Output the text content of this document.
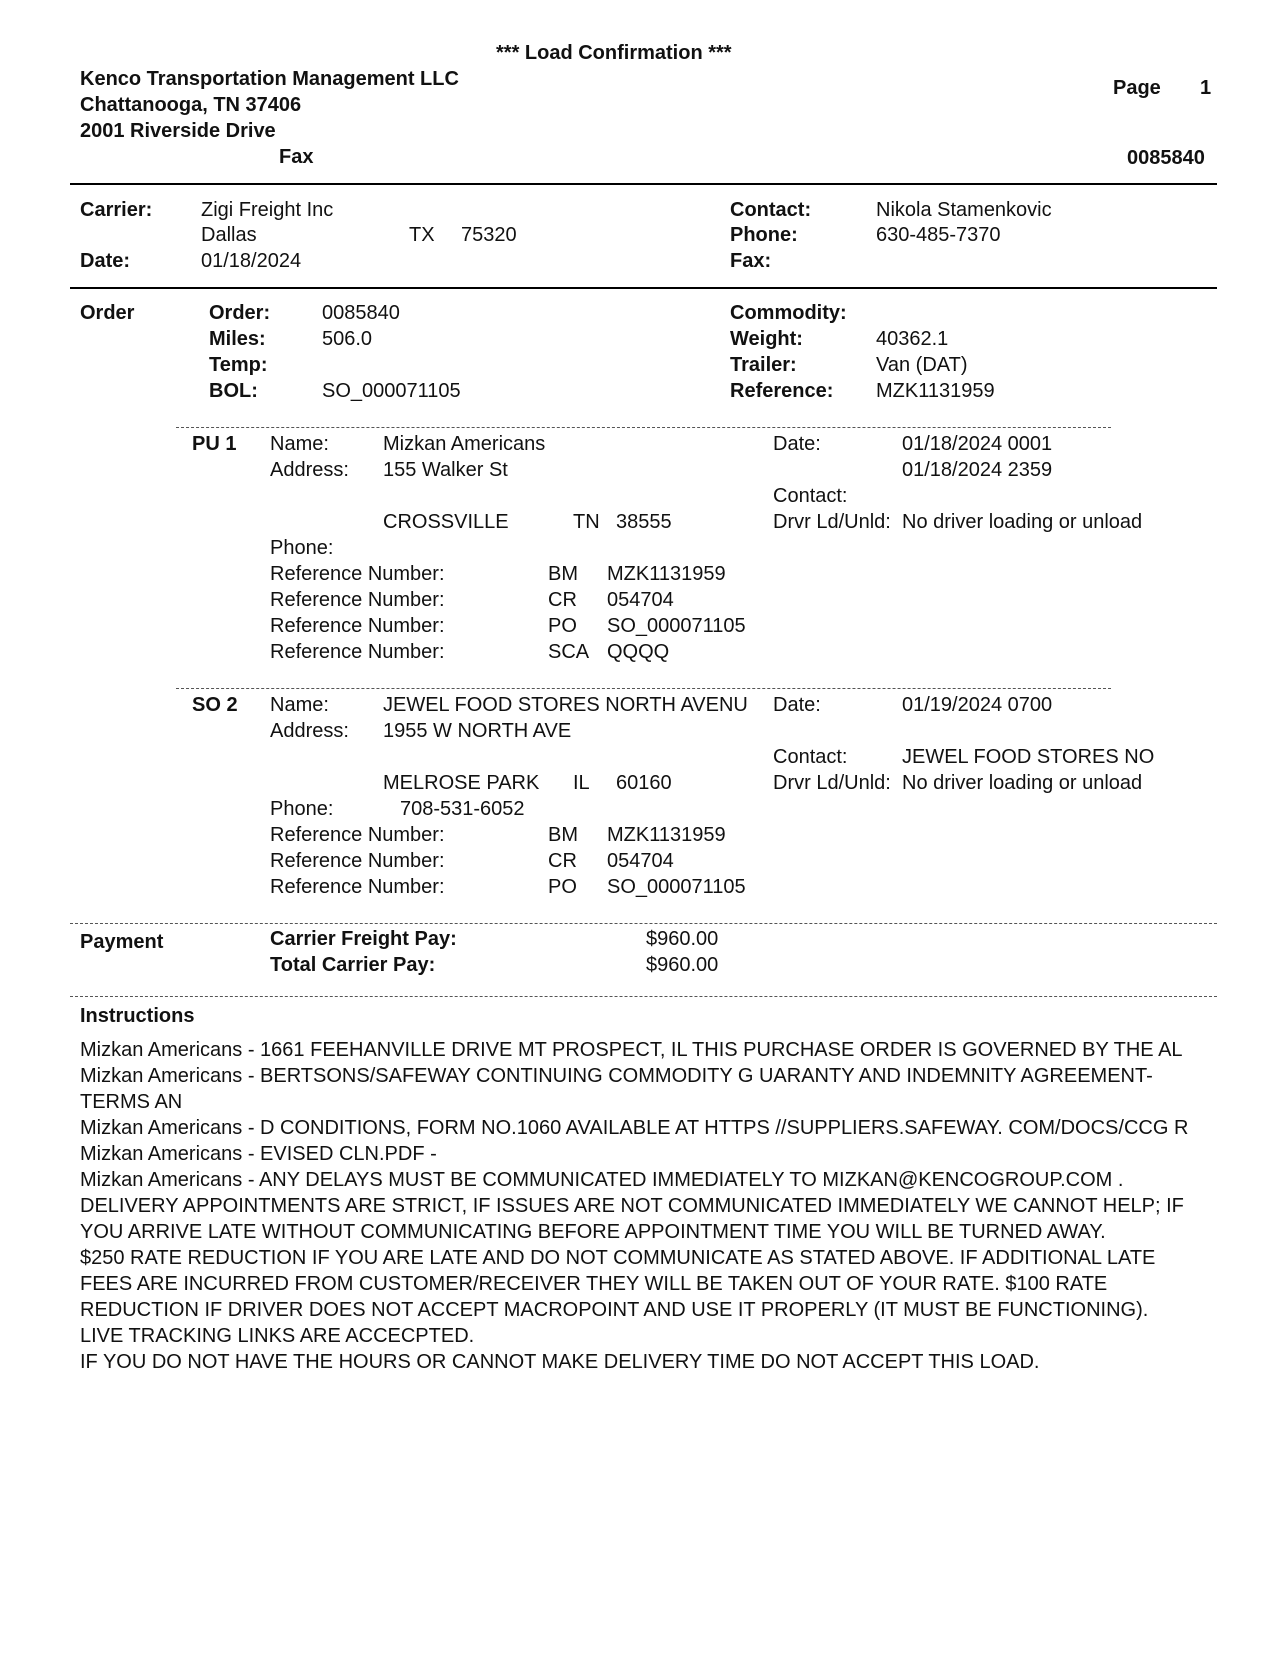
*** Load Confirmation ***
Kenco Transportation Management LLC
Chattanooga, TN 37406
2001 Riverside Drive
Fax
Page 1
0085840
Carrier: Zigi Freight Inc
Dallas	TX 75320
Date:	01/18/2024
Contact:	Nikola Stamenkovic
Phone:	630-485-7370
Fax:
Order	Order:	0085840
Miles:	506.0
Temp:
BOL:	SO_000071105
Commodity:
Weight:	40362.1
Trailer:	Van (DAT)
Reference: MZK1131959
PU 1 Name:	Mizkan Americans
Address: 155 Walker St
CROSSVILLE	TN 38555
Phone:
Date:	01/18/2024 0001
01/18/2024 2359
Contact:
Drvr Ld/Unld: No driver loading or unload
Reference Number:	BM MZK1131959
Reference Number:	CR 054704
Reference Number:	PO SO_000071105
Reference Number:	SCA QQQQ
SO 2 Name:	JEWEL FOOD STORES NORTH AVENU
Address: 1955 W NORTH AVE
MELROSE PARK IL 60160
Phone:	708-531-6052
Date:	01/19/2024 0700
Contact:	JEWEL FOOD STORES NO
Drvr Ld/Unld: No driver loading or unload
Reference Number:	BM MZK1131959
Reference Number:	CR 054704
Reference Number:	PO SO_000071105
Payment	Carrier Freight Pay:	$960.00
Total Carrier Pay:	$960.00
Instructions

Mizkan Americans - 1661 FEEHANVILLE DRIVE MT PROSPECT, IL THIS PURCHASE ORDER IS GOVERNED BY THE AL

Mizkan Americans - BERTSONS/SAFEWAY CONTINUING COMMODITY G UARANTY AND INDEMNITY AGREEMENT-TERMS AN

Mizkan Americans - D CONDITIONS, FORM NO.1060 AVAILABLE AT HTTPS //SUPPLIERS.SAFEWAY. COM/DOCS/CCG R

Mizkan Americans - EVISED CLN.PDF -

Mizkan Americans - ANY DELAYS MUST BE COMMUNICATED IMMEDIATELY TO MIZKAN@KENCOGROUP.COM . DELIVERY APPOINTMENTS ARE STRICT, IF ISSUES ARE NOT COMMUNICATED IMMEDIATELY WE CANNOT HELP; IF YOU ARRIVE LATE WITHOUT COMMUNICATING BEFORE APPOINTMENT TIME YOU WILL BE TURNED AWAY.

$250 RATE REDUCTION IF YOU ARE LATE AND DO NOT COMMUNICATE AS STATED ABOVE. IF ADDITIONAL LATE FEES ARE INCURRED FROM CUSTOMER/RECEIVER THEY WILL BE TAKEN OUT OF YOUR RATE. $100 RATE REDUCTION IF DRIVER DOES NOT ACCEPT MACROPOINT AND USE IT PROPERLY (IT MUST BE FUNCTIONING). LIVE TRACKING LINKS ARE ACCECPTED.

IF YOU DO NOT HAVE THE HOURS OR CANNOT MAKE DELIVERY TIME DO NOT ACCEPT THIS LOAD.
